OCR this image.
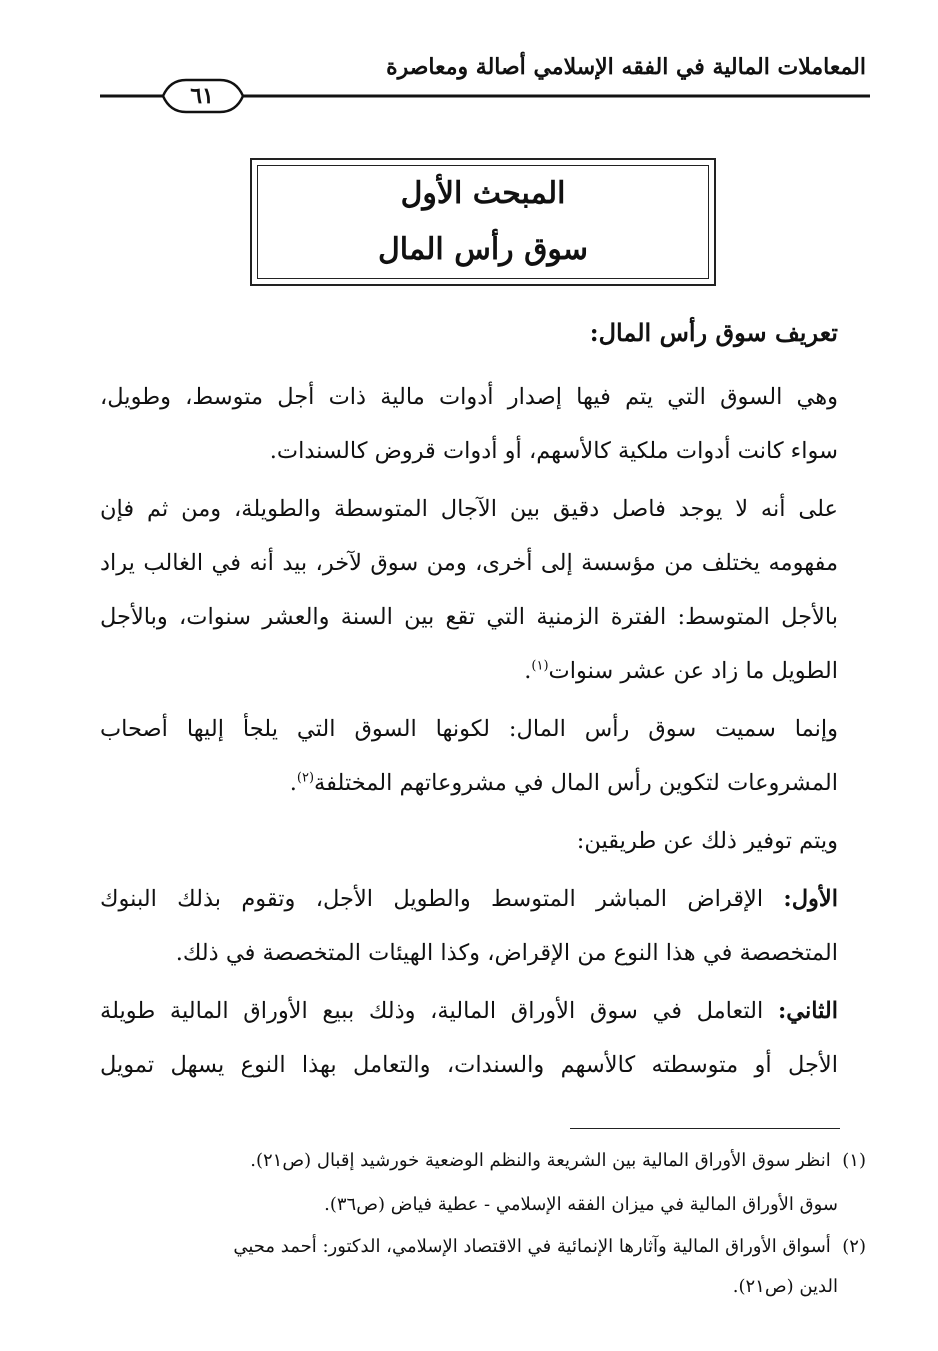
المعاملات المالية في الفقه الإسلامي أصالة ومعاصرة
٦١
المبحث الأول
سوق رأس المال
تعريف سوق رأس المال:
وهي السوق التي يتم فيها إصدار أدوات مالية ذات أجل متوسط، وطويل،
سواء كانت أدوات ملكية كالأسهم، أو أدوات قروض كالسندات.
على أنه لا يوجد فاصل دقيق بين الآجال المتوسطة والطويلة، ومن ثم فإن
مفهومه يختلف من مؤسسة إلى أخرى، ومن سوق لآخر، بيد أنه في الغالب يراد
بالأجل المتوسط: الفترة الزمنية التي تقع بين السنة والعشر سنوات، وبالأجل
الطويل ما زاد عن عشر سنوات$^{(١)}$.
وإنما سميت سوق رأس المال: لكونها السوق التي يلجأ إليها أصحاب
المشروعات لتكوين رأس المال في مشروعاتهم المختلفة$^{(٢)}$.
ويتم توفير ذلك عن طريقين:
الأول: الإقراض المباشر المتوسط والطويل الأجل، وتقوم بذلك البنوك
المتخصصة في هذا النوع من الإقراض، وكذا الهيئات المتخصصة في ذلك.
الثاني: التعامل في سوق الأوراق المالية، وذلك ببيع الأوراق المالية طويلة
الأجل أو متوسطته كالأسهم والسندات، والتعامل بهذا النوع يسهل تمويل
(١)  انظر سوق الأوراق المالية بين الشريعة والنظم الوضعية خورشيد إقبال (ص٢١).
سوق الأوراق المالية في ميزان الفقه الإسلامي - عطية فياض (ص٣٦).
(٢)  أسواق الأوراق المالية وآثارها الإنمائية في الاقتصاد الإسلامي، الدكتور: أحمد محيي
الدين (ص٢١).
